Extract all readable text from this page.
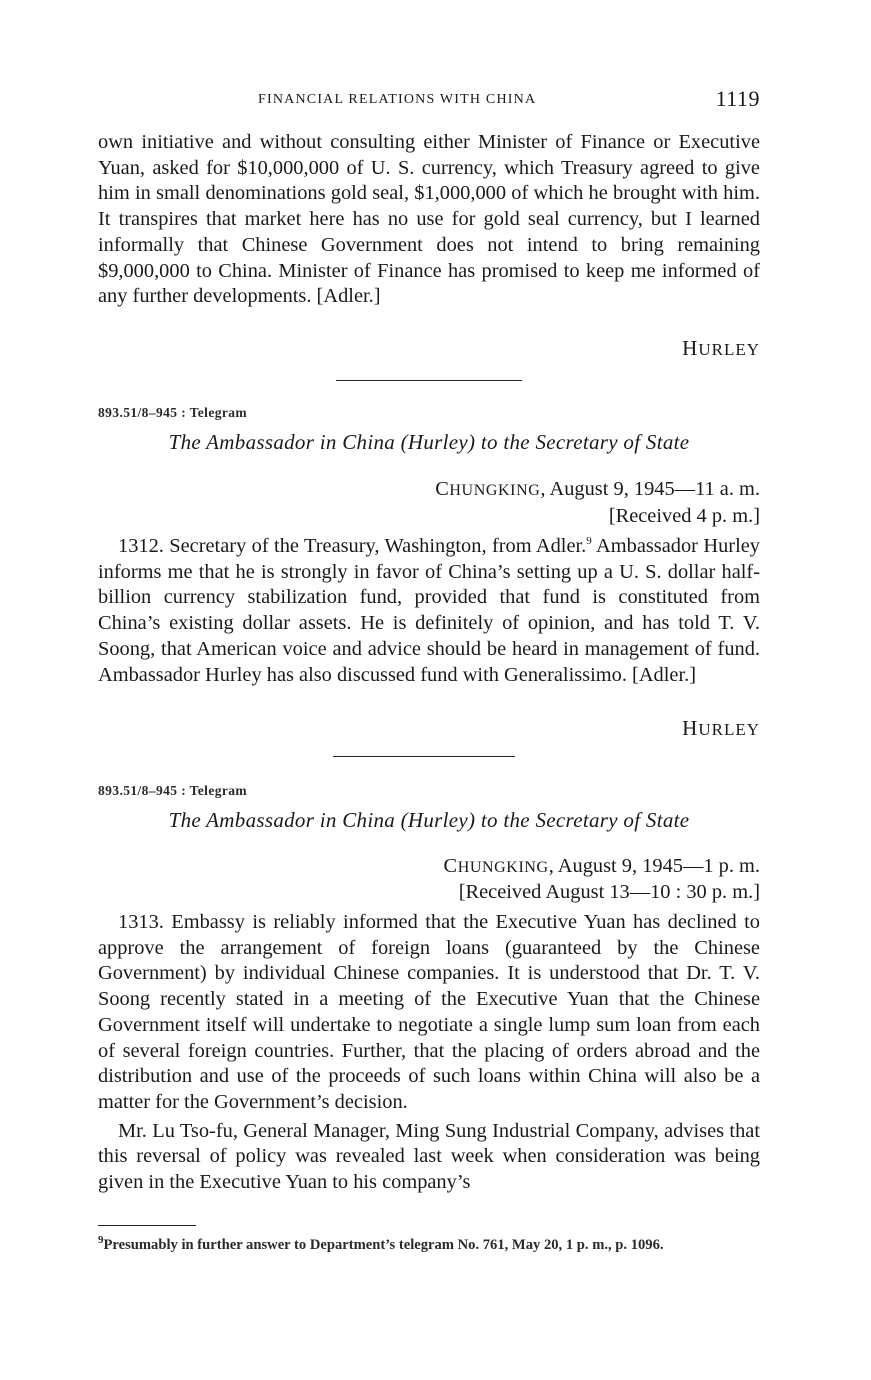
FINANCIAL RELATIONS WITH CHINA	1119

own initiative and without consulting either Minister of Finance or Executive Yuan, asked for $10,000,000 of U. S. currency, which Treasury agreed to give him in small denominations gold seal, $1,000,000 of which he brought with him. It transpires that market here has no use for gold seal currency, but I learned informally that Chinese Government does not intend to bring remaining $9,000,000 to China. Minister of Finance has promised to keep me informed of any further developments. [Adler.]

HURLEY
893.51/8–945 : Telegram
The Ambassador in China (Hurley) to the Secretary of State
CHUNGKING, August 9, 1945—11 a. m.
[Received 4 p. m.]

1312. Secretary of the Treasury, Washington, from Adler.$^9$ Ambassador Hurley informs me that he is strongly in favor of China’s setting up a U. S. dollar half-billion currency stabilization fund, provided that fund is constituted from China’s existing dollar assets. He is definitely of opinion, and has told T. V. Soong, that American voice and advice should be heard in management of fund. Ambassador Hurley has also discussed fund with Generalissimo. [Adler.]

HURLEY
893.51/8–945 : Telegram
The Ambassador in China (Hurley) to the Secretary of State
CHUNGKING, August 9, 1945—1 p. m.
[Received August 13—10 : 30 p. m.]

1313. Embassy is reliably informed that the Executive Yuan has declined to approve the arrangement of foreign loans (guaranteed by the Chinese Government) by individual Chinese companies. It is understood that Dr. T. V. Soong recently stated in a meeting of the Executive Yuan that the Chinese Government itself will undertake to negotiate a single lump sum loan from each of several foreign countries. Further, that the placing of orders abroad and the distribution and use of the proceeds of such loans within China will also be a matter for the Government’s decision.

Mr. Lu Tso-fu, General Manager, Ming Sung Industrial Company, advises that this reversal of policy was revealed last week when consideration was being given in the Executive Yuan to his company’s

$^9$Presumably in further answer to Department’s telegram No. 761, May 20, 1 p. m., p. 1096.
